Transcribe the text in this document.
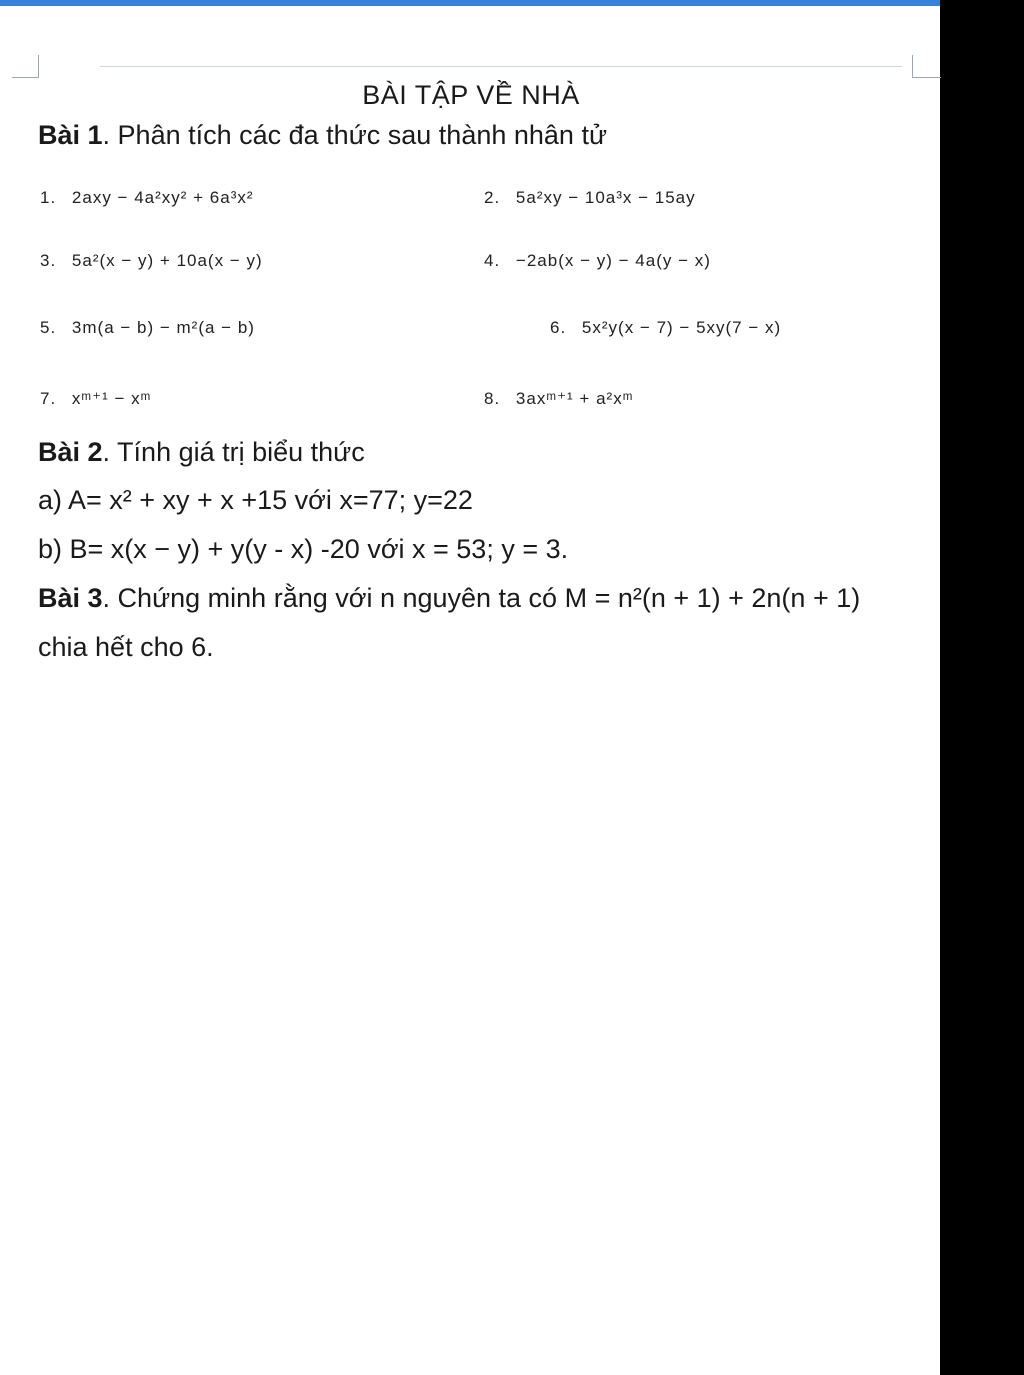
BÀI TẬP VỀ NHÀ
Bài 1. Phân tích các đa thức sau thành nhân tử
1. 2axy − 4a²xy² + 6a³x²	2. 5a²xy − 10a³x − 15ay
3. 5a²(x − y) + 10a(x − y)	4. −2ab(x − y) − 4a(y − x)
5. 3m(a − b) − m²(a − b)	6. 5x²y(x − 7) − 5xy(7 − x)
7. xᵐ⁺¹ − xᵐ	8. 3axᵐ⁺¹ + a²xᵐ
Bài 2. Tính giá trị biểu thức
a) A= x² + xy + x +15 với x=77; y=22
b) B= x(x − y) + y(y - x) -20 với x = 53; y = 3.
Bài 3. Chứng minh rằng với n nguyên ta có M = n²(n + 1) + 2n(n + 1)
chia hết cho 6.
